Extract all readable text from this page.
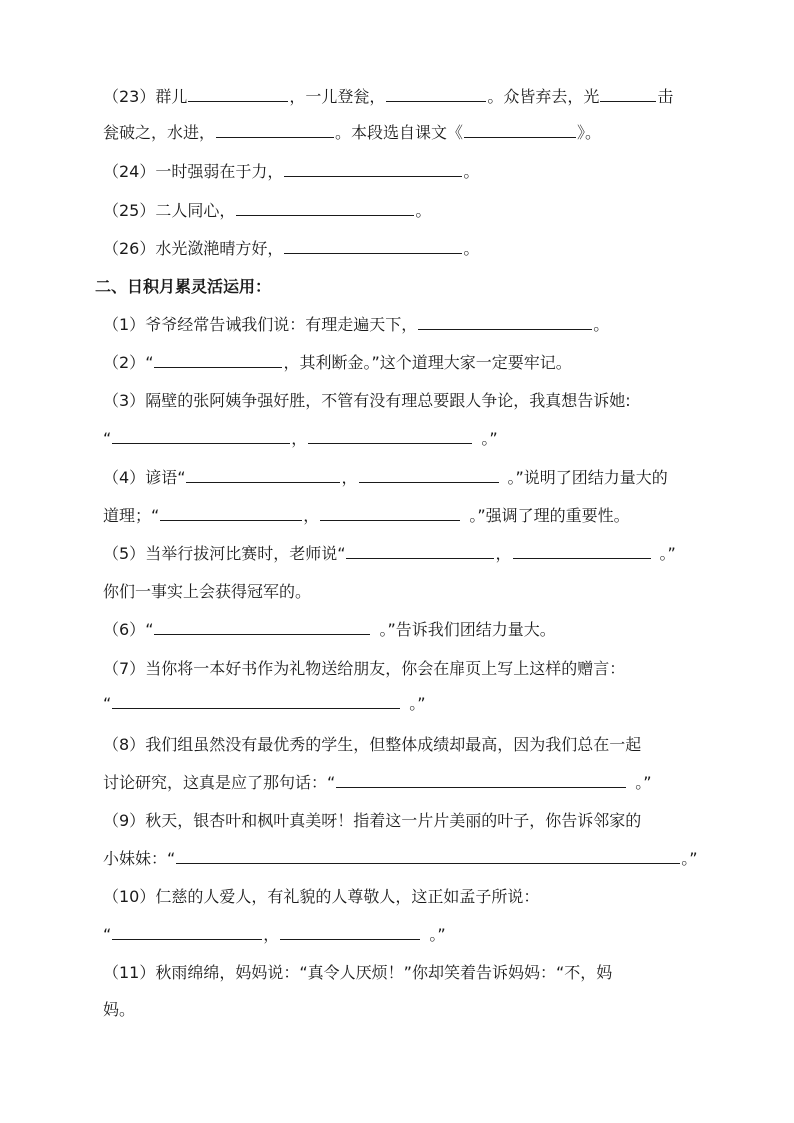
（23）群儿	，一儿登瓮，	。众皆弃去，光	击
瓮破之，水进，	。本段选自课文《	》。
（24）一时强弱在于力，	。
（25）二人同心，	。
（26）水光潋滟晴方好，	。
二、日积月累灵活运用：
（1）爷爷经常告诫我们说：有理走遍天下，	。
（2）“	，其利断金。”这个道理大家一定要牢记。
（3）隔壁的张阿姨争强好胜，不管有没有理总要跟人争论，我真想告诉她:
“	，	。”
（4）谚语“	，	。”说明了团结力量大的
道理；“	，	。”强调了理的重要性。
（5）当举行拔河比赛时，老师说“	，	。”
你们一事实上会获得冠军的。
（6）“	。”告诉我们团结力量大。
（7）当你将一本好书作为礼物送给朋友，你会在扉页上写上这样的赠言：
“	。”
（8）我们组虽然没有最优秀的学生，但整体成绩却最高，因为我们总在一起
讨论研究，这真是应了那句话：“	。”
（9）秋天，银杏叶和枫叶真美呀！指着这一片片美丽的叶子，你告诉邻家的
小妹妹：“	。”
（10）仁慈的人爱人，有礼貌的人尊敬人，这正如孟子所说：
“	，	。”
（11）秋雨绵绵，妈妈说：“真令人厌烦！”你却笑着告诉妈妈：“不，妈
妈。
